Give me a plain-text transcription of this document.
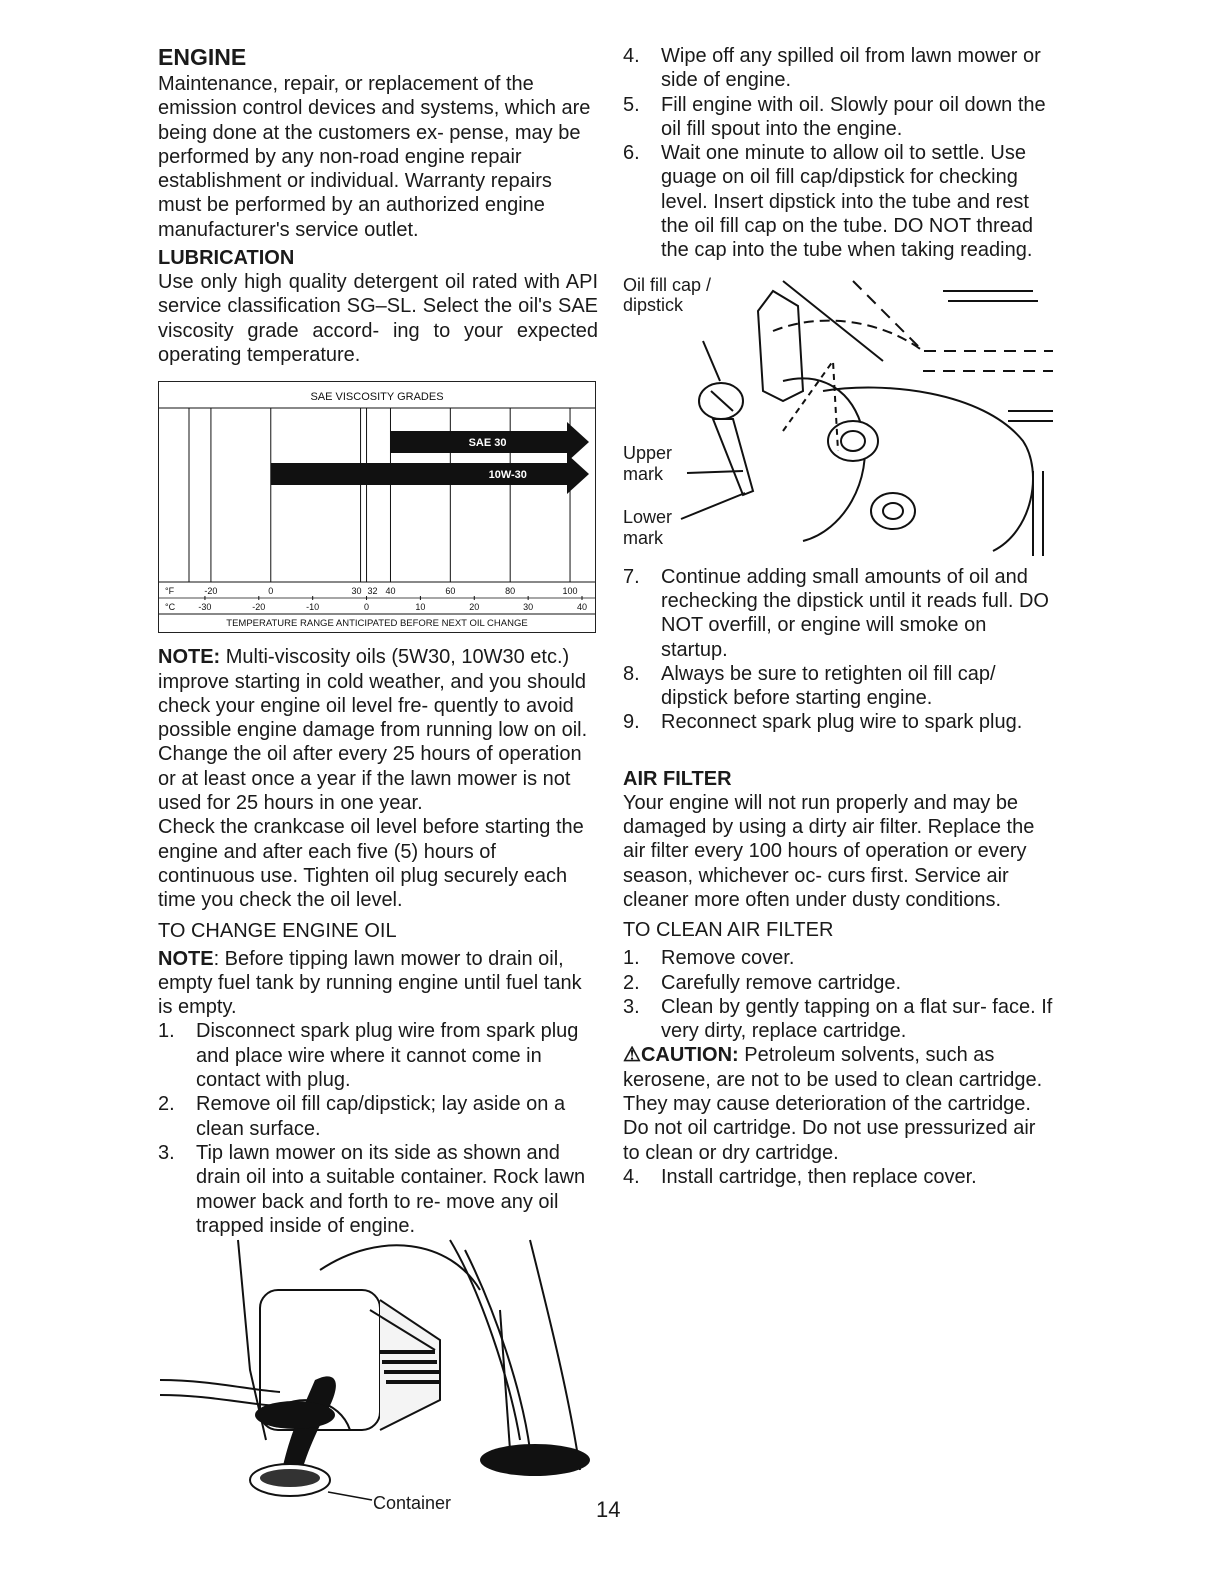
ENGINE

Maintenance, repair, or replacement of the emission control devices and systems, which are being done at the customers ex- pense, may be performed by any non-road engine repair establishment or individual. Warranty repairs must be performed by an authorized engine manufacturer's service outlet.

LUBRICATION

Use only high quality detergent oil rated with API service classification SG–SL. Select the oil's SAE viscosity grade accord- ing to your expected operating temperature.

SAE VISCOSITY GRADES
SAE 30
10W-30
°F	-20	0	30 32 40	60	80	100
°C	-30	-20	-10	0	10	20	30	40
TEMPERATURE RANGE ANTICIPATED BEFORE NEXT OIL CHANGE

NOTE: Multi-viscosity oils (5W30, 10W30 etc.) improve starting in cold weather, and you should check your engine oil level fre- quently to avoid possible engine damage from running low on oil.

Change the oil after every 25 hours of operation or at least once a year if the lawn mower is not used for 25 hours in one year.

Check the crankcase oil level before starting the engine and after each five (5) hours of continuous use. Tighten oil plug securely each time you check the oil level.

TO CHANGE ENGINE OIL

NOTE: Before tipping lawn mower to drain oil, empty fuel tank by running engine until fuel tank is empty.

1. Disconnect spark plug wire from spark plug and place wire where it cannot come in contact with plug.
2. Remove oil fill cap/dipstick; lay aside on a clean surface.
3. Tip lawn mower on its side as shown and drain oil into a suitable container. Rock lawn mower back and forth to re- move any oil trapped inside of engine.
Container
4. Wipe off any spilled oil from lawn mower or side of engine.
5. Fill engine with oil. Slowly pour oil down the oil fill spout into the engine.
6. Wait one minute to allow oil to settle. Use guage on oil fill cap/dipstick for checking level. Insert dipstick into the tube and rest the oil fill cap on the tube. DO NOT thread the cap into the tube when taking reading.
Oil fill cap /
dipstick
Upper
mark
Lower
mark
7. Continue adding small amounts of oil and rechecking the dipstick until it reads full. DO NOT overfill, or engine will smoke on startup.
8. Always be sure to retighten oil fill cap/ dipstick before starting engine.
9. Reconnect spark plug wire to spark plug.
AIR FILTER

Your engine will not run properly and may be damaged by using a dirty air filter. Replace the air filter every 100 hours of operation or every season, whichever oc- curs first. Service air cleaner more often under dusty conditions.

TO CLEAN AIR FILTER
1. Remove cover.
2. Carefully remove cartridge.
3. Clean by gently tapping on a flat sur- face. If very dirty, replace cartridge.

⚠CAUTION: Petroleum solvents, such as kerosene, are not to be used to clean cartridge. They may cause deterioration of the cartridge. Do not oil cartridge. Do not use pressurized air to clean or dry cartridge.

4. Install cartridge, then replace cover.
14
